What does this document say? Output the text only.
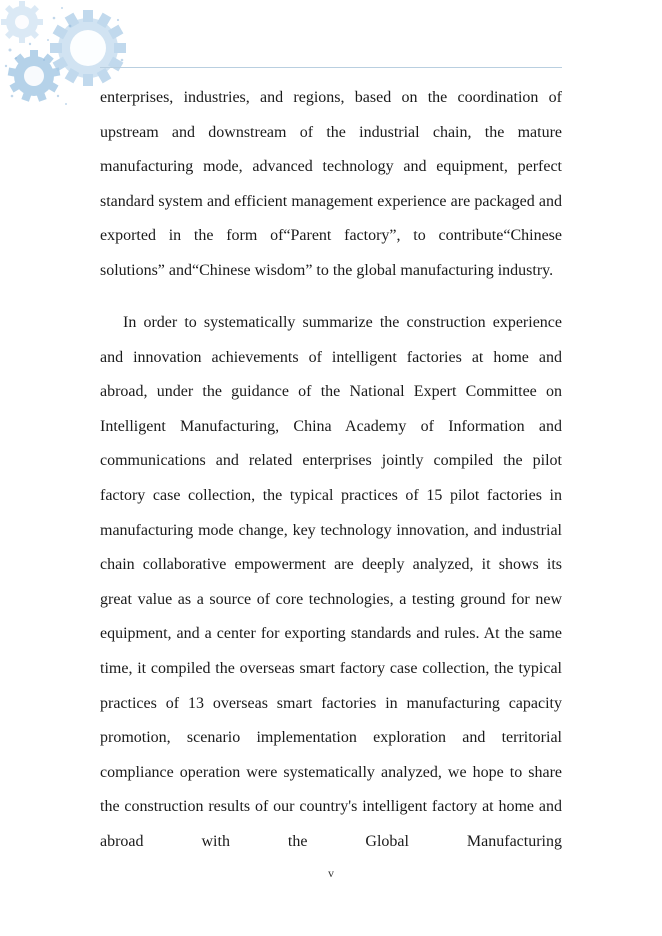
enterprises, industries, and regions, based on the coordination of upstream and downstream of the industrial chain, the mature manufacturing mode, advanced technology and equipment, perfect standard system and efficient management experience are packaged and exported in the form of“Parent factory”, to contribute“Chinese solutions” and“Chinese wisdom” to the global manufacturing industry.

In order to systematically summarize the construction experience and innovation achievements of intelligent factories at home and abroad, under the guidance of the National Expert Committee on Intelligent Manufacturing, China Academy of Information and communications and related enterprises jointly compiled the pilot factory case collection, the typical practices of 15 pilot factories in manufacturing mode change, key technology innovation, and industrial chain collaborative empowerment are deeply analyzed, it shows its great value as a source of core technologies, a testing ground for new equipment, and a center for exporting standards and rules. At the same time, it compiled the overseas smart factory case collection, the typical practices of 13 overseas smart factories in manufacturing capacity promotion, scenario implementation exploration and territorial compliance operation were systematically analyzed, we hope to share the construction results of our country's intelligent factory at home and abroad with the Global Manufacturing

v
